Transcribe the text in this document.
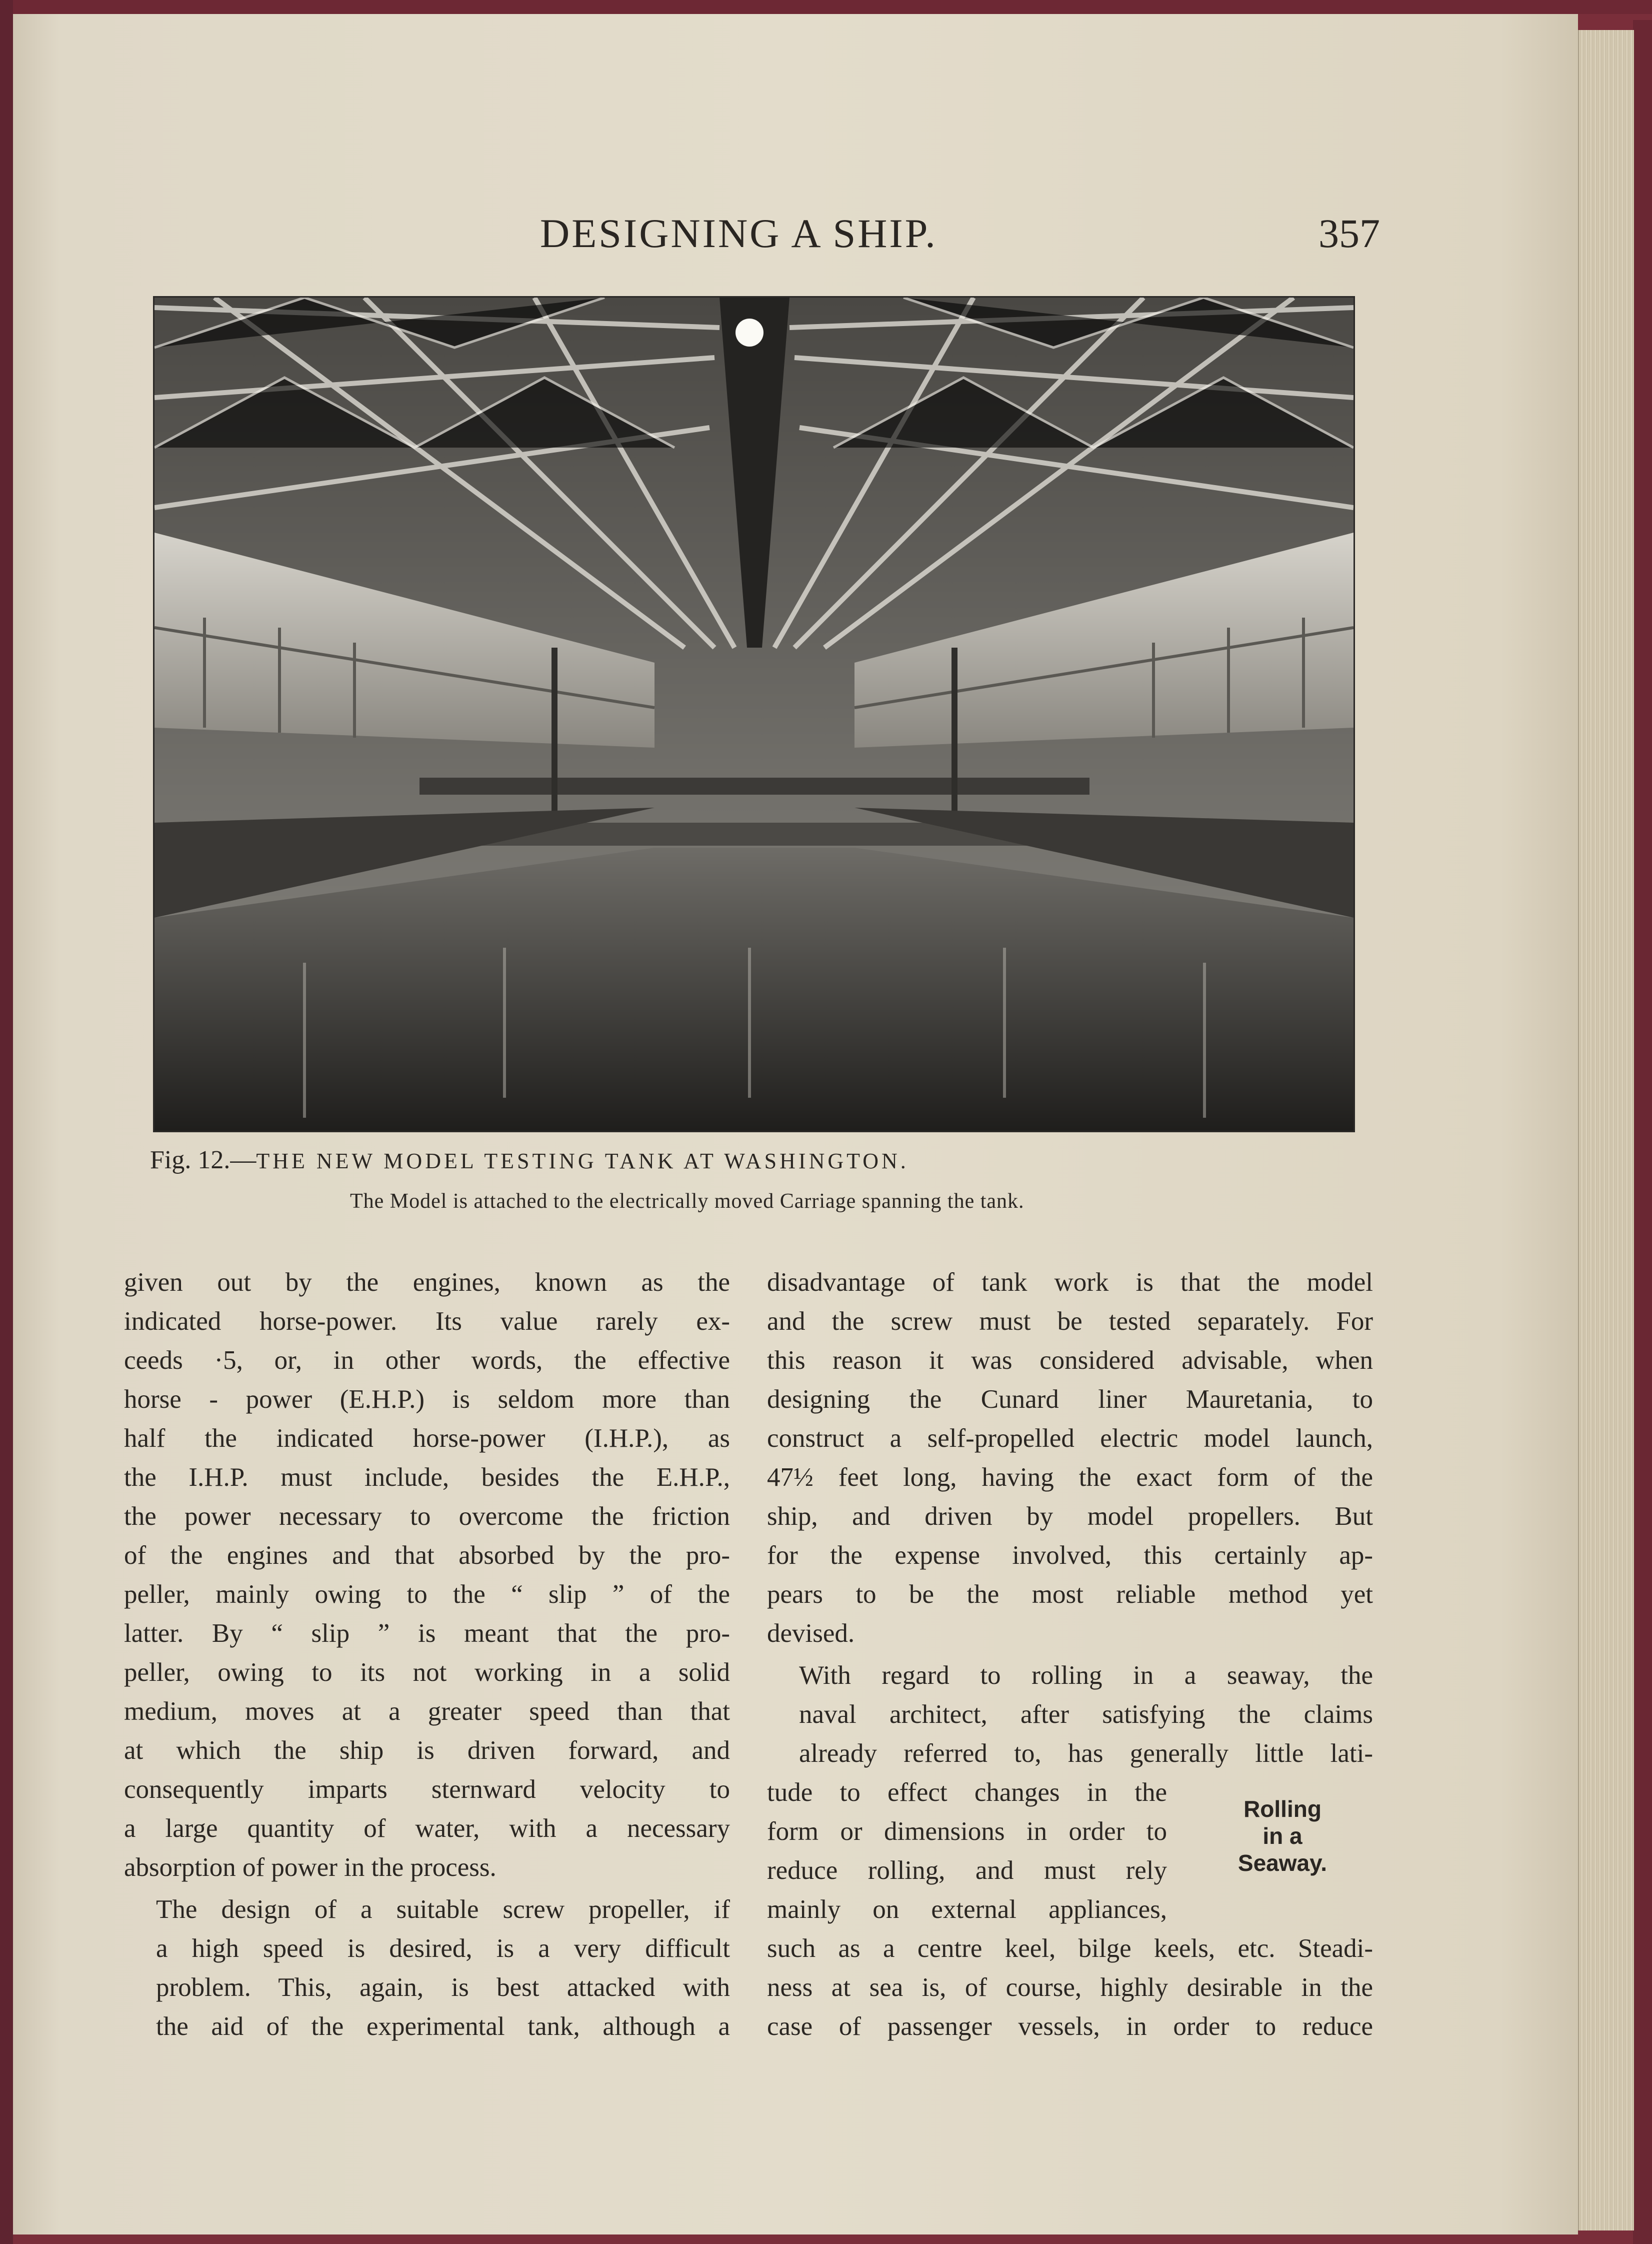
DESIGNING A SHIP.	357
Fig. 12.—THE NEW MODEL TESTING TANK AT WASHINGTON.
The Model is attached to the electrically moved Carriage spanning the tank.

given out by the engines, known as the
indicated horse-power. Its value rarely ex-
ceeds ·5, or, in other words, the effective
horse - power (E.H.P.) is seldom more than
half the indicated horse-power (I.H.P.), as
the I.H.P. must include, besides the E.H.P.,
the power necessary to overcome the friction
of the engines and that absorbed by the pro-
peller, mainly owing to the “ slip ” of the
latter. By “ slip ” is meant that the pro-
peller, owing to its not working in a solid
medium, moves at a greater speed than that
at which the ship is driven forward, and
consequently imparts sternward velocity to
a large quantity of water, with a necessary
absorption of power in the process.

The design of a suitable screw propeller, if
a high speed is desired, is a very difficult
problem. This, again, is best attacked with
the aid of the experimental tank, although a

disadvantage of tank work is that the model
and the screw must be tested separately. For
this reason it was considered advisable, when
designing the Cunard liner Mauretania, to
construct a self-propelled electric model launch,
47½ feet long, having the exact form of the
ship, and driven by model propellers. But
for the expense involved, this certainly ap-
pears to be the most reliable method yet
devised.

With regard to rolling in a seaway, the
naval architect, after satisfying the claims
already referred to, has generally little lati-

tude to effect changes in the
form or dimensions in order to
reduce rolling, and must rely
mainly on external appliances,

such as a centre keel, bilge keels, etc. Steadi-
ness at sea is, of course, highly desirable in the
case of passenger vessels, in order to reduce

Rolling
in a
Seaway.
